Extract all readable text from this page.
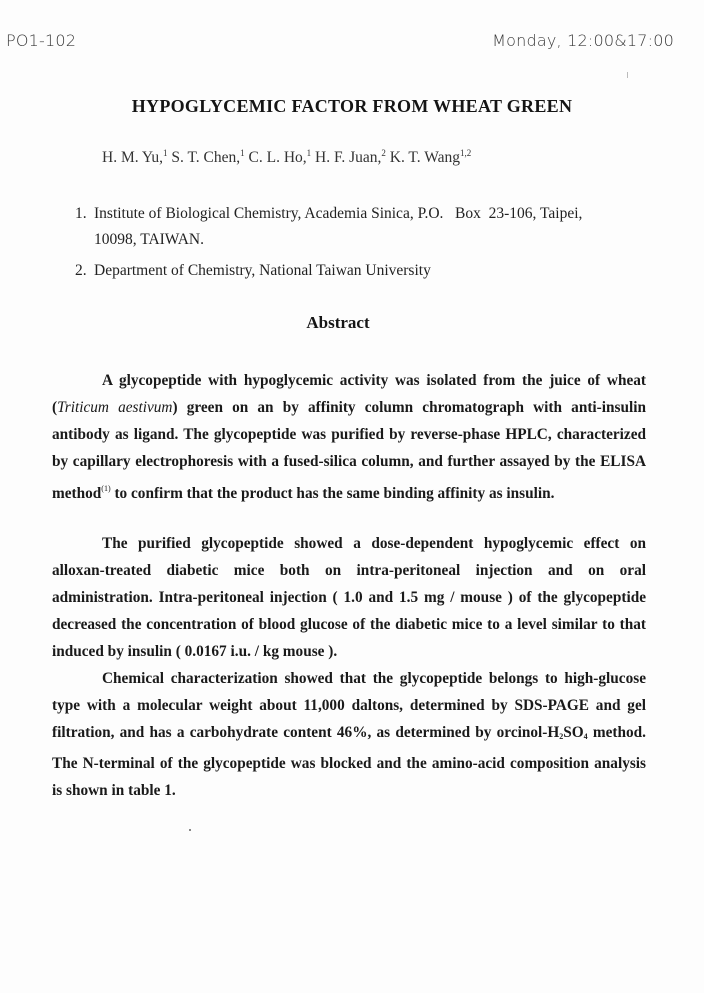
PO1-102	Monday, 12:00&17:00
HYPOGLYCEMIC FACTOR FROM WHEAT GREEN
H. M. Yu,$^1$ S. T. Chen,$^1$ C. L. Ho,$^1$ H. F. Juan,$^2$ K. T. Wang$^{1,2}$
1. Institute of Biological Chemistry, Academia Sinica, P.O.   Box  23-106, Taipei,
10098, TAIWAN.
2. Department of Chemistry, National Taiwan University
Abstract
A glycopeptide with hypoglycemic activity was isolated from the juice of wheat (Triticum aestivum) green on an by affinity column chromatograph with anti-insulin antibody as ligand. The glycopeptide was purified by reverse-phase HPLC, characterized by capillary electrophoresis with a fused-silica column, and further assayed by the ELISA method$^{(1)}$ to confirm that the product has the same binding affinity as insulin.
The purified glycopeptide showed a dose-dependent hypoglycemic effect on alloxan-treated diabetic mice both on intra-peritoneal injection and on oral administration. Intra-peritoneal injection ( 1.0 and 1.5 mg / mouse ) of the glycopeptide decreased the concentration of blood glucose of the diabetic mice to a level similar to that induced by insulin ( 0.0167 i.u. / kg mouse ).
Chemical characterization showed that the glycopeptide belongs to high-glucose type with a molecular weight about 11,000 daltons, determined by SDS-PAGE and gel filtration, and has a carbohydrate content 46%, as determined by orcinol-$H_2SO_4$ method. The N-terminal of the glycopeptide was blocked and the amino-acid composition analysis is shown in table 1.
